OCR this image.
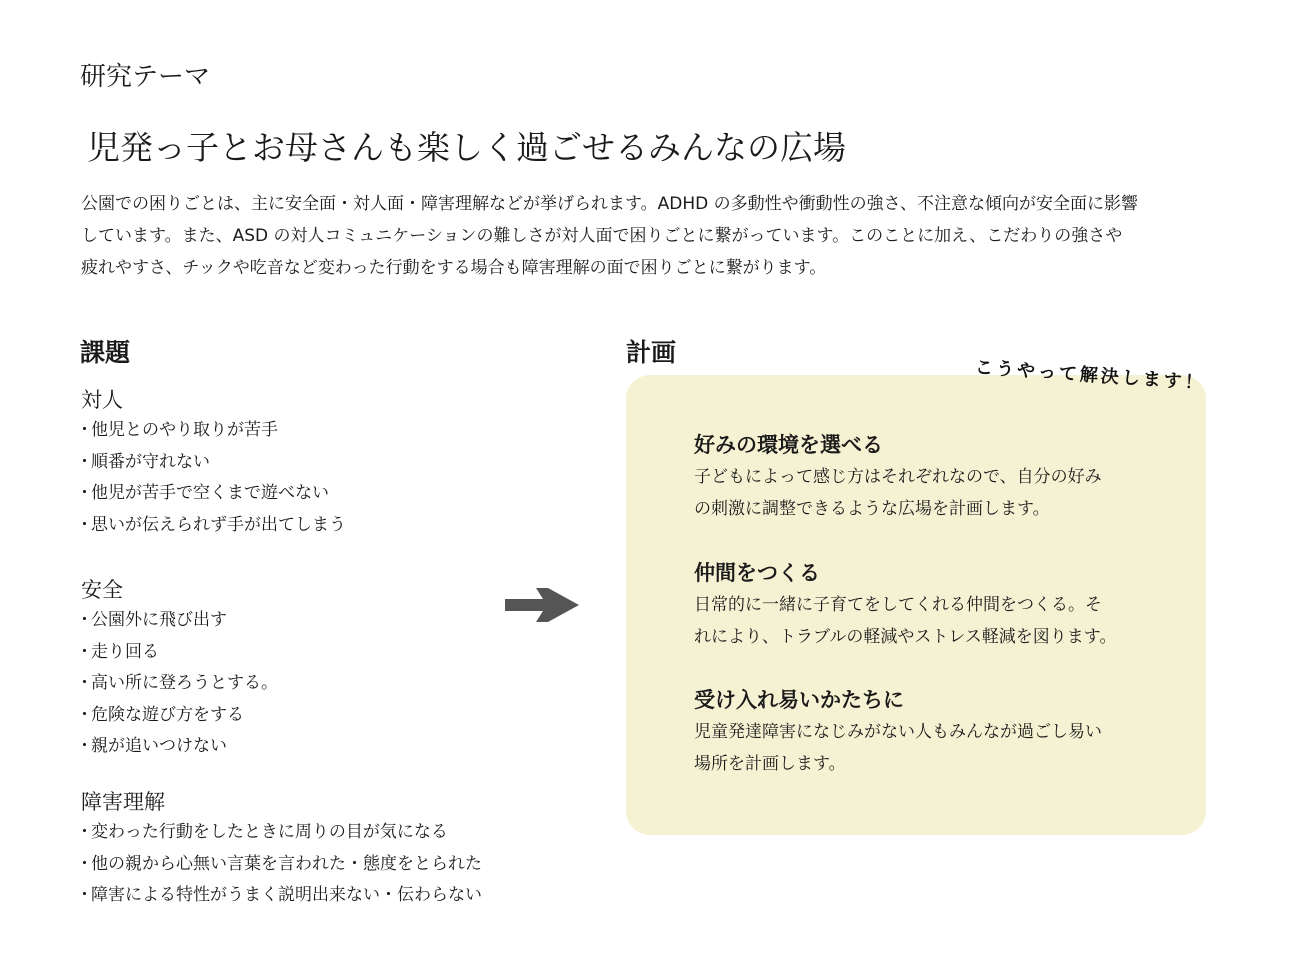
研究テーマ
児発っ子とお母さんも楽しく過ごせるみんなの広場
公園での困りごとは、主に安全面・対人面・障害理解などが挙げられます。ADHD の多動性や衝動性の強さ、不注意な傾向が安全面に影響
しています。また、ASD の対人コミュニケーションの難しさが対人面で困りごとに繋がっています。このことに加え、こだわりの強さや
疲れやすさ、チックや吃音など変わった行動をする場合も障害理解の面で困りごとに繋がります。
課題
対人
・ 他児とのやり取りが苦手
・ 順番が守れない
・ 他児が苦手で空くまで遊べない
・ 思いが伝えられず手が出てしまう
安全
・ 公園外に飛び出す
・ 走り回る
・ 高い所に登ろうとする。
・ 危険な遊び方をする
・ 親が追いつけない
障害理解
・ 変わった行動をしたときに周りの目が気になる
・ 他の親から心無い言葉を言われた・態度をとられた
・ 障害による特性がうまく説明出来ない・伝わらない
計画
こうやって解決します！
好みの環境を選べる
子どもによって感じ方はそれぞれなので、自分の好み
の刺激に調整できるような広場を計画します。
仲間をつくる
日常的に一緒に子育てをしてくれる仲間をつくる。そ
れにより、トラブルの軽減やストレス軽減を図ります。
受け入れ易いかたちに
児童発達障害になじみがない人もみんなが過ごし易い
場所を計画します。
